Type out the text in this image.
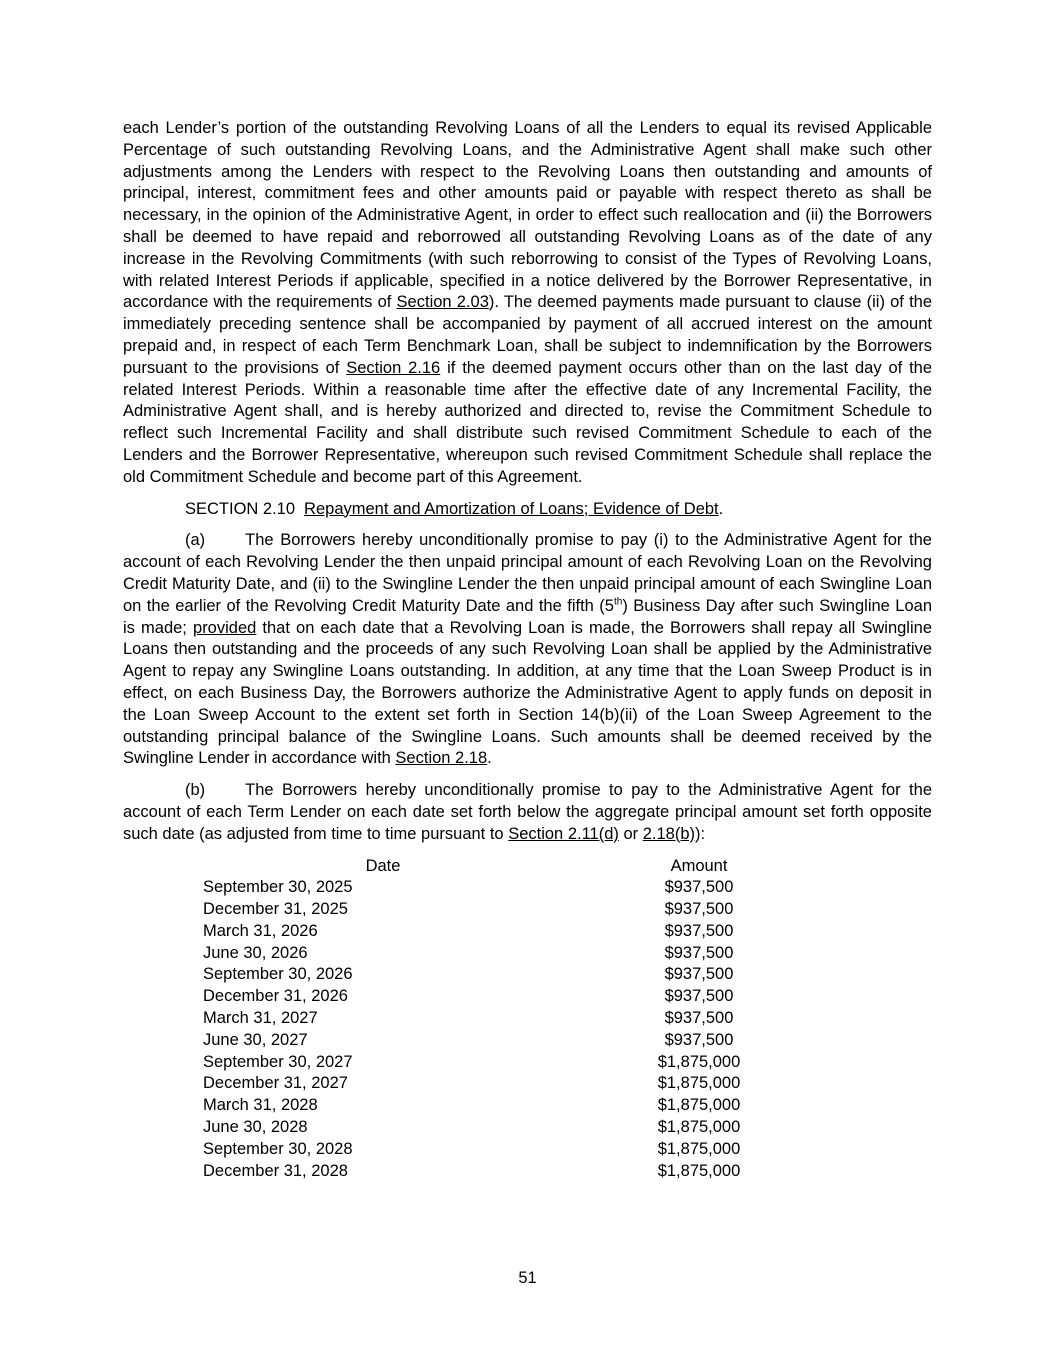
each Lender’s portion of the outstanding Revolving Loans of all the Lenders to equal its revised Applicable Percentage of such outstanding Revolving Loans, and the Administrative Agent shall make such other adjustments among the Lenders with respect to the Revolving Loans then outstanding and amounts of principal, interest, commitment fees and other amounts paid or payable with respect thereto as shall be necessary, in the opinion of the Administrative Agent, in order to effect such reallocation and (ii) the Borrowers shall be deemed to have repaid and reborrowed all outstanding Revolving Loans as of the date of any increase in the Revolving Commitments (with such reborrowing to consist of the Types of Revolving Loans, with related Interest Periods if applicable, specified in a notice delivered by the Borrower Representative, in accordance with the requirements of Section 2.03). The deemed payments made pursuant to clause (ii) of the immediately preceding sentence shall be accompanied by payment of all accrued interest on the amount prepaid and, in respect of each Term Benchmark Loan, shall be subject to indemnification by the Borrowers pursuant to the provisions of Section 2.16 if the deemed payment occurs other than on the last day of the related Interest Periods. Within a reasonable time after the effective date of any Incremental Facility, the Administrative Agent shall, and is hereby authorized and directed to, revise the Commitment Schedule to reflect such Incremental Facility and shall distribute such revised Commitment Schedule to each of the Lenders and the Borrower Representative, whereupon such revised Commitment Schedule shall replace the old Commitment Schedule and become part of this Agreement.

SECTION 2.10 Repayment and Amortization of Loans; Evidence of Debt.

(a) The Borrowers hereby unconditionally promise to pay (i) to the Administrative Agent for the account of each Revolving Lender the then unpaid principal amount of each Revolving Loan on the Revolving Credit Maturity Date, and (ii) to the Swingline Lender the then unpaid principal amount of each Swingline Loan on the earlier of the Revolving Credit Maturity Date and the fifth (5th) Business Day after such Swingline Loan is made; provided that on each date that a Revolving Loan is made, the Borrowers shall repay all Swingline Loans then outstanding and the proceeds of any such Revolving Loan shall be applied by the Administrative Agent to repay any Swingline Loans outstanding. In addition, at any time that the Loan Sweep Product is in effect, on each Business Day, the Borrowers authorize the Administrative Agent to apply funds on deposit in the Loan Sweep Account to the extent set forth in Section 14(b)(ii) of the Loan Sweep Agreement to the outstanding principal balance of the Swingline Loans. Such amounts shall be deemed received by the Swingline Lender in accordance with Section 2.18.

(b) The Borrowers hereby unconditionally promise to pay to the Administrative Agent for the account of each Term Lender on each date set forth below the aggregate principal amount set forth opposite such date (as adjusted from time to time pursuant to Section 2.11(d) or 2.18(b)):

Date	Amount
September 30, 2025	$937,500
December 31, 2025	$937,500
March 31, 2026	$937,500
June 30, 2026	$937,500
September 30, 2026	$937,500
December 31, 2026	$937,500
March 31, 2027	$937,500
June 30, 2027	$937,500
September 30, 2027	$1,875,000
December 31, 2027	$1,875,000
March 31, 2028	$1,875,000
June 30, 2028	$1,875,000
September 30, 2028	$1,875,000
December 31, 2028	$1,875,000
51
